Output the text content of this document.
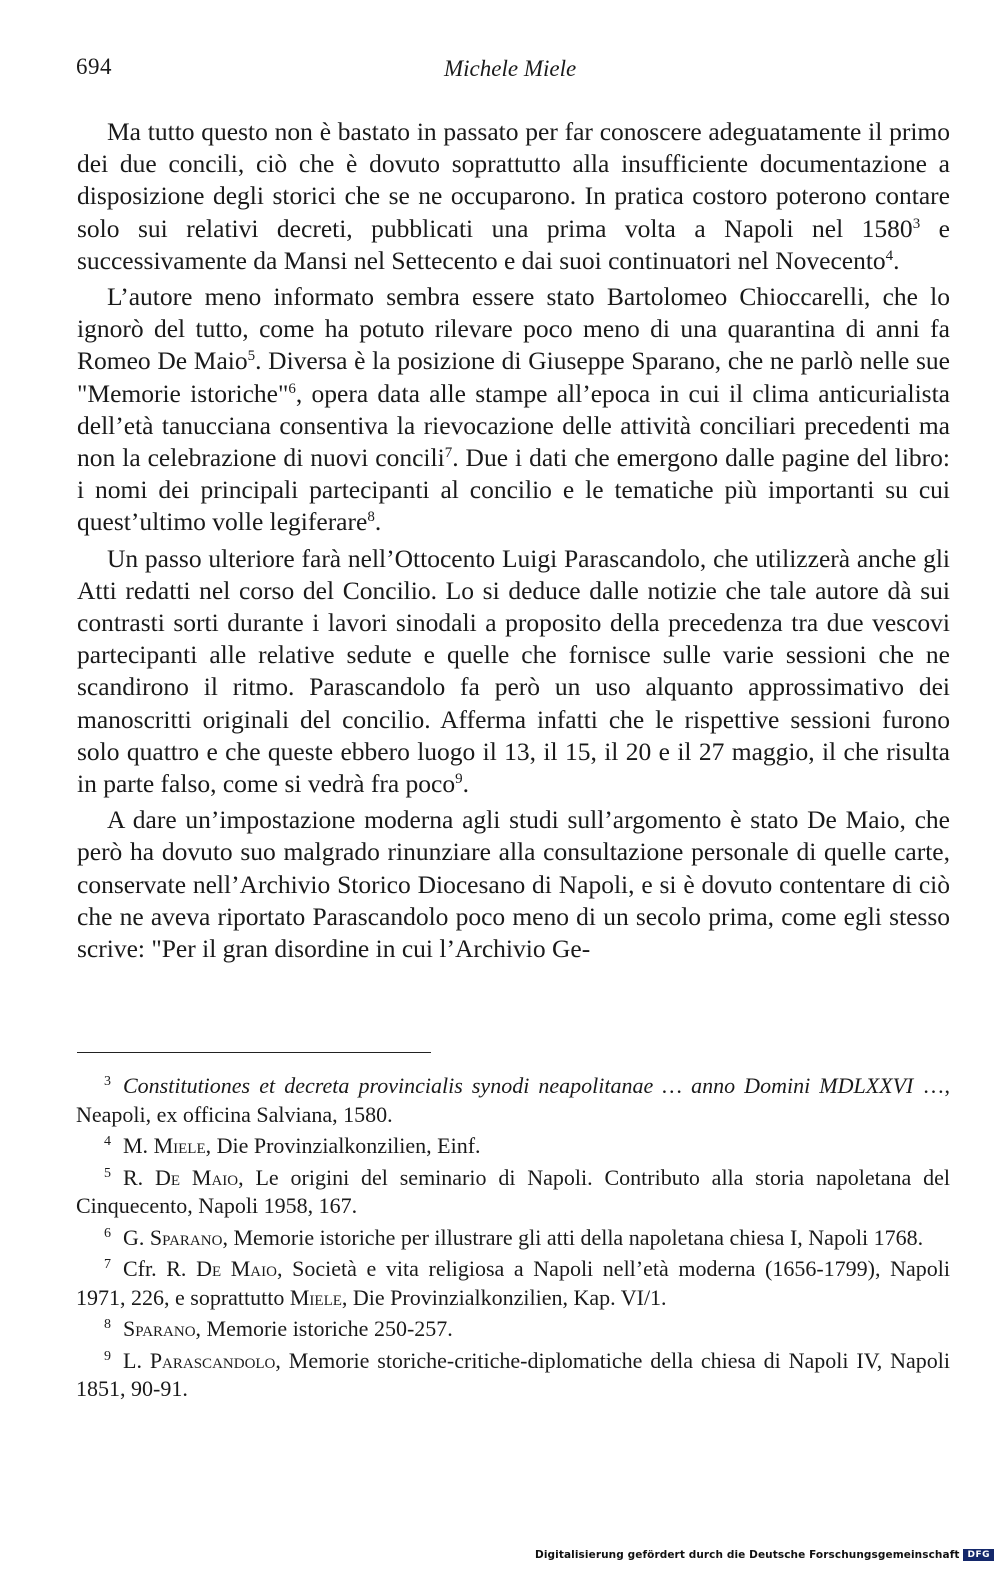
694	Michele Miele

Ma tutto questo non è bastato in passato per far conoscere adeguatamente il primo dei due concili, ciò che è dovuto soprattutto alla insufficiente documentazione a disposizione degli storici che se ne occuparono. In pratica costoro poterono contare solo sui relativi decreti, pubblicati una prima volta a Napoli nel 1580$^3$ e successivamente da Mansi nel Settecento e dai suoi continuatori nel Novecento$^4$.

L’autore meno informato sembra essere stato Bartolomeo Chioccarelli, che lo ignorò del tutto, come ha potuto rilevare poco meno di una quarantina di anni fa Romeo De Maio$^5$. Diversa è la posizione di Giuseppe Sparano, che ne parlò nelle sue "Memorie istoriche"$^6$, opera data alle stampe all’epoca in cui il clima anticurialista dell’età tanucciana consentiva la rievocazione delle attività conciliari precedenti ma non la celebrazione di nuovi concili$^7$. Due i dati che emergono dalle pagine del libro: i nomi dei principali partecipanti al concilio e le tematiche più importanti su cui quest’ultimo volle legiferare$^8$.

Un passo ulteriore farà nell’Ottocento Luigi Parascandolo, che utilizzerà anche gli Atti redatti nel corso del Concilio. Lo si deduce dalle notizie che tale autore dà sui contrasti sorti durante i lavori sinodali a proposito della precedenza tra due vescovi partecipanti alle relative sedute e quelle che fornisce sulle varie sessioni che ne scandirono il ritmo. Parascandolo fa però un uso alquanto approssimativo dei manoscritti originali del concilio. Afferma infatti che le rispettive sessioni furono solo quattro e che queste ebbero luogo il 13, il 15, il 20 e il 27 maggio, il che risulta in parte falso, come si vedrà fra poco$^9$.

A dare un’impostazione moderna agli studi sull’argomento è stato De Maio, che però ha dovuto suo malgrado rinunziare alla consultazione personale di quelle carte, conservate nell’Archivio Storico Diocesano di Napoli, e si è dovuto contentare di ciò che ne aveva riportato Parascandolo poco meno di un secolo prima, come egli stesso scrive: "Per il gran disordine in cui l’Archivio Ge-

$^3$ Constitutiones et decreta provincialis synodi neapolitanae … anno Domini MDLXXVI …, Neapoli, ex officina Salviana, 1580.
$^4$ M. Miele, Die Provinzialkonzilien, Einf.
$^5$ R. De Maio, Le origini del seminario di Napoli. Contributo alla storia napoletana del Cinquecento, Napoli 1958, 167.
$^6$ G. Sparano, Memorie istoriche per illustrare gli atti della napoletana chiesa I, Napoli 1768.
$^7$ Cfr. R. De Maio, Società e vita religiosa a Napoli nell’età moderna (1656-1799), Napoli 1971, 226, e soprattutto Miele, Die Provinzialkonzilien, Kap. VI/1.
$^8$ Sparano, Memorie istoriche 250-257.
$^9$ L. Parascandolo, Memorie storiche-critiche-diplomatiche della chiesa di Napoli IV, Napoli 1851, 90-91.
Digitalisierung gefördert durch die Deutsche Forschungsgemeinschaft DFG
